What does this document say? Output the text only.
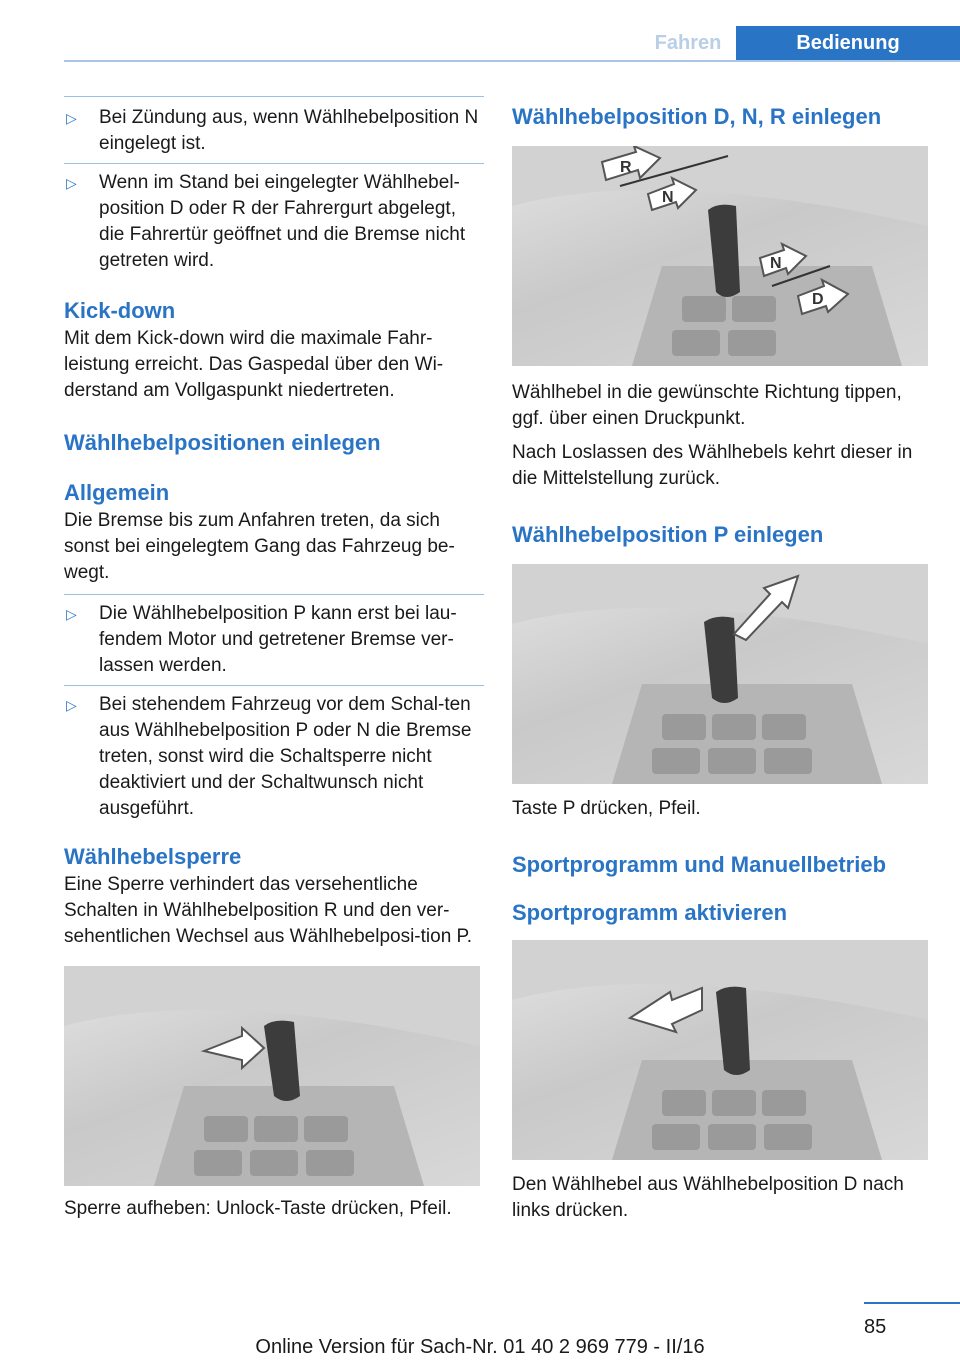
Fahren	Bedienung
▷ Bei Zündung aus, wenn Wählhebelposition N eingelegt ist.
▷ Wenn im Stand bei eingelegter Wählhebel‐position D oder R der Fahrergurt abgelegt, die Fahrertür geöffnet und die Bremse nicht getreten wird.
Kick-down

Mit dem Kick-down wird die maximale Fahr‐leistung erreicht. Das Gaspedal über den Wi‐derstand am Vollgaspunkt niedertreten.

Wählhebelpositionen einlegen
Allgemein

Die Bremse bis zum Anfahren treten, da sich sonst bei eingelegtem Gang das Fahrzeug be‐wegt.

▷ Die Wählhebelposition P kann erst bei lau‐fendem Motor und getretener Bremse ver‐lassen werden.
▷ Bei stehendem Fahrzeug vor dem Schal‐ten aus Wählhebelposition P oder N die Bremse treten, sonst wird die Schaltsperre nicht deaktiviert und der Schaltwunsch nicht ausgeführt.
Wählhebelsperre

Eine Sperre verhindert das versehentliche Schalten in Wählhebelposition R und den ver‐sehentlichen Wechsel aus Wählhebelposi‐tion P.

Sperre aufheben: Unlock-Taste drücken, Pfeil.

Wählhebelposition D, N, R einlegen
R
N
N
D

Wählhebel in die gewünschte Richtung tippen, ggf. über einen Druckpunkt.

Nach Loslassen des Wählhebels kehrt dieser in die Mittelstellung zurück.

Wählhebelposition P einlegen

Taste P drücken, Pfeil.

Sportprogramm und Manuellbetrieb
Sportprogramm aktivieren

Den Wählhebel aus Wählhebelposition D nach links drücken.

85
Online Version für Sach-Nr. 01 40 2 969 779 - II/16
